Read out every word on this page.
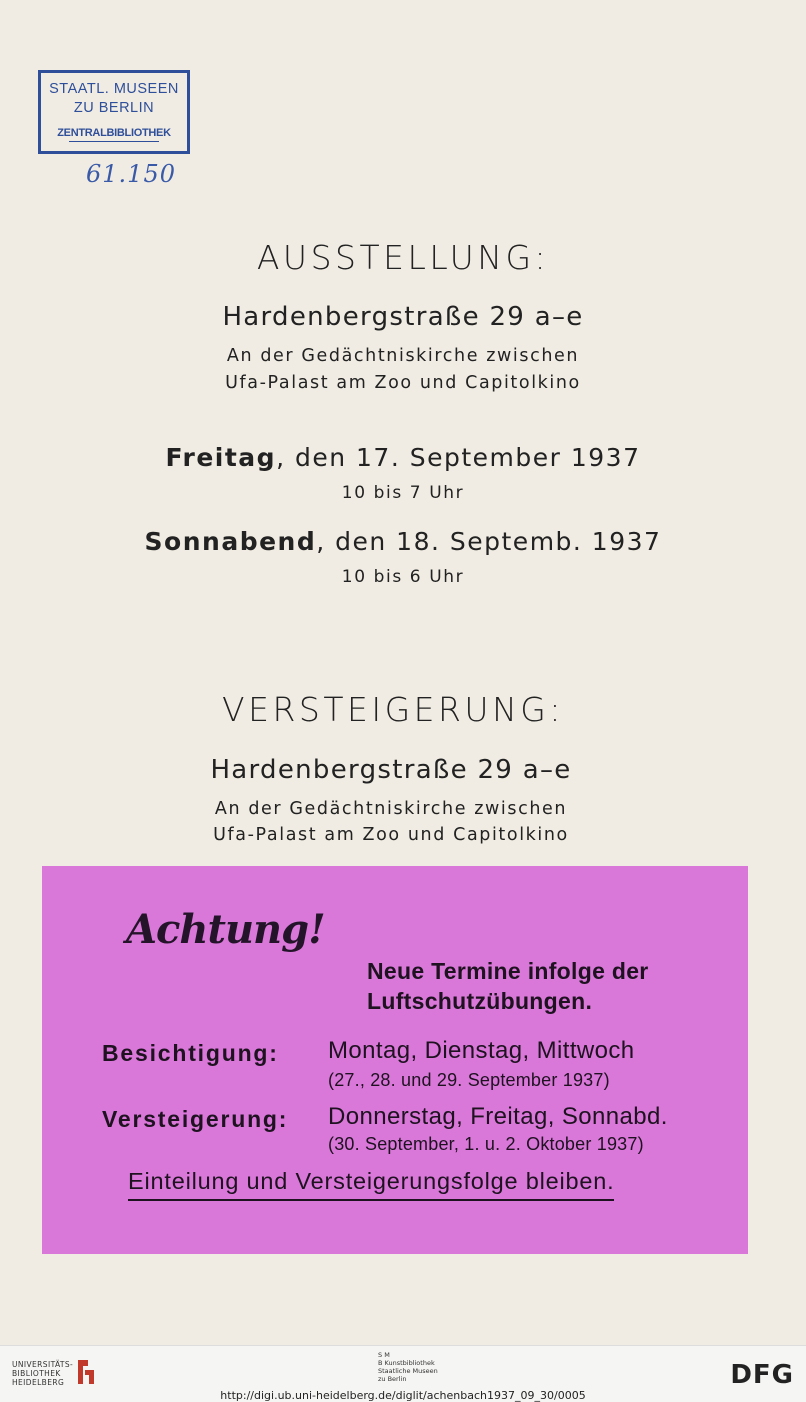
STAATL. MUSEEN
ZU BERLIN
ZENTRALBIBLIOTHEK
61.150
AUSSTELLUNG:
Hardenbergstraße 29 a–e
An der Gedächtniskirche zwischen
Ufa-Palast am Zoo und Capitolkino
Freitag, den 17. September 1937
10 bis 7 Uhr
Sonnabend, den 18. Septemb. 1937
10 bis 6 Uhr
VERSTEIGERUNG:
Hardenbergstraße 29 a–e
An der Gedächtniskirche zwischen
Ufa-Palast am Zoo und Capitolkino
Achtung!
Neue Termine infolge der
Luftschutzübungen.
Besichtigung: Montag, Dienstag, Mittwoch
(27., 28. und 29. September 1937)
Versteigerung: Donnerstag, Freitag, Sonnabd.
(30. September, 1. u. 2. Oktober 1937)
Einteilung und Versteigerungsfolge bleiben.
UNIVERSITÄTS-
BIBLIOTHEK
HEIDELBERG
S M
B Kunstbibliothek
Staatliche Museen
zu Berlin	DFG
http://digi.ub.uni-heidelberg.de/diglit/achenbach1937_09_30/0005
